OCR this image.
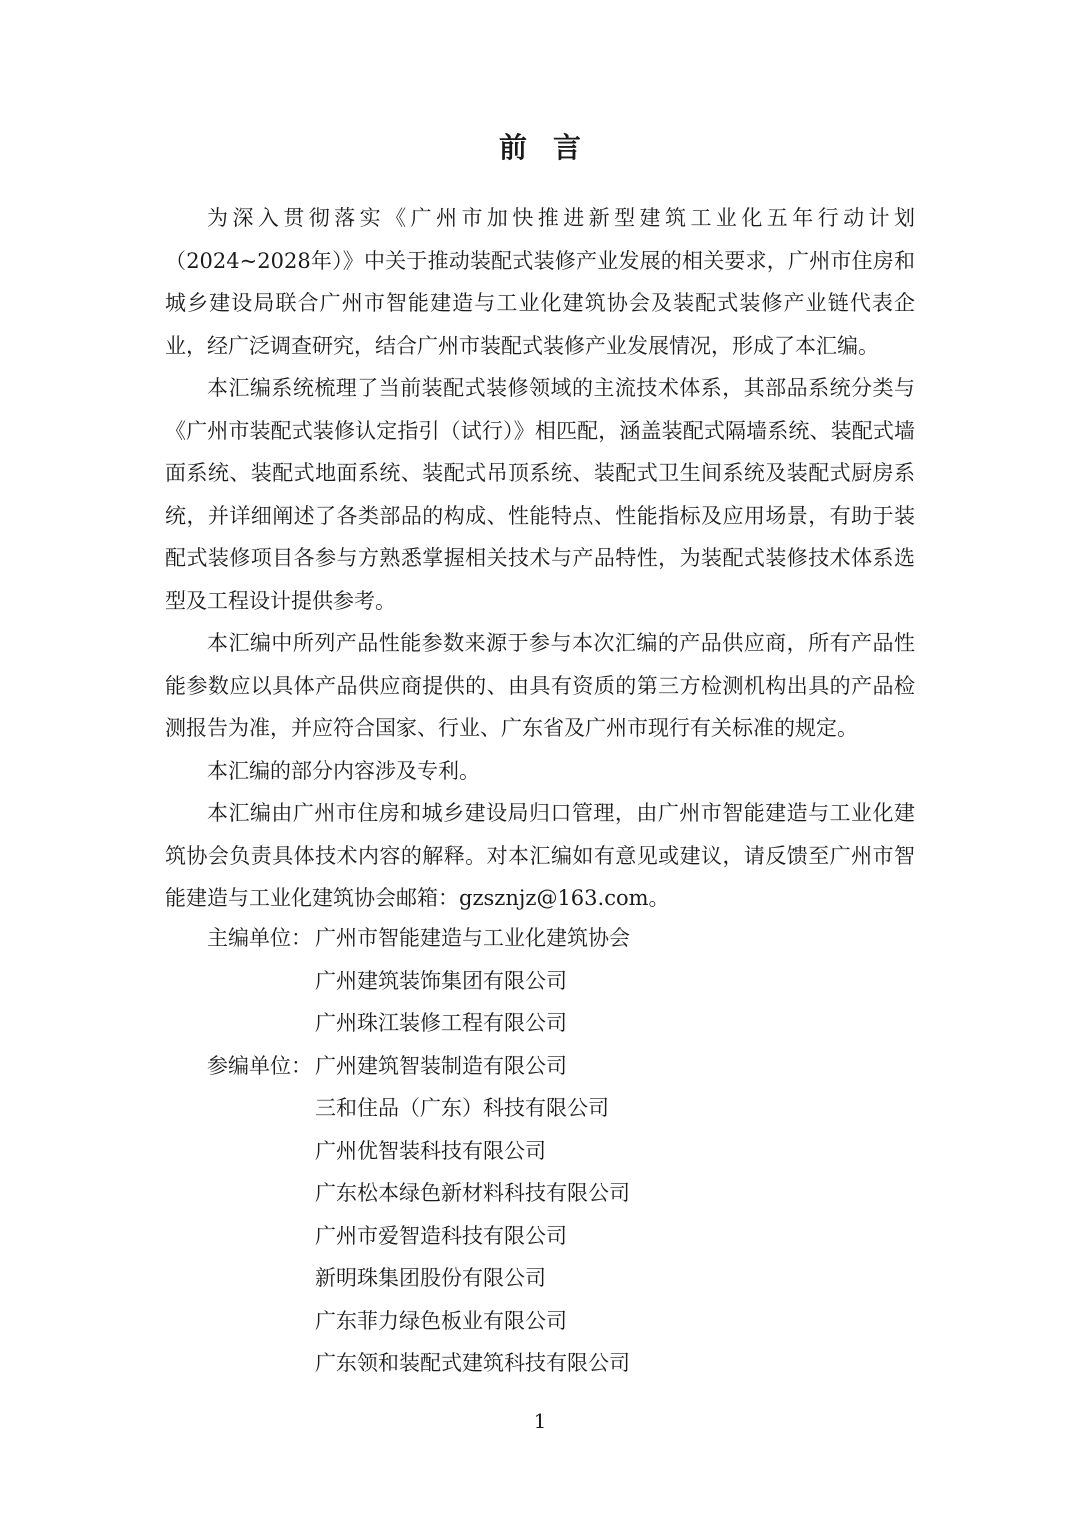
前 言

为深入贯彻落实《广州市加快推进新型建筑工业化五年行动计划（2024~2028年）》中关于推动装配式装修产业发展的相关要求，广州市住房和城乡建设局联合广州市智能建造与工业化建筑协会及装配式装修产业链代表企业，经广泛调查研究，结合广州市装配式装修产业发展情况，形成了本汇编。

本汇编系统梳理了当前装配式装修领域的主流技术体系，其部品系统分类与《广州市装配式装修认定指引（试行）》相匹配，涵盖装配式隔墙系统、装配式墙面系统、装配式地面系统、装配式吊顶系统、装配式卫生间系统及装配式厨房系统，并详细阐述了各类部品的构成、性能特点、性能指标及应用场景，有助于装配式装修项目各参与方熟悉掌握相关技术与产品特性，为装配式装修技术体系选型及工程设计提供参考。

本汇编中所列产品性能参数来源于参与本次汇编的产品供应商，所有产品性能参数应以具体产品供应商提供的、由具有资质的第三方检测机构出具的产品检测报告为准，并应符合国家、行业、广东省及广州市现行有关标准的规定。

本汇编的部分内容涉及专利。

本汇编由广州市住房和城乡建设局归口管理，由广州市智能建造与工业化建筑协会负责具体技术内容的解释。对本汇编如有意见或建议，请反馈至广州市智能建造与工业化建筑协会邮箱：gzsznjz@163.com。

主编单位： 广州市智能建造与工业化建筑协会
广州建筑装饰集团有限公司
广州珠江装修工程有限公司
参编单位： 广州建筑智装制造有限公司
三和住品（广东）科技有限公司
广州优智装科技有限公司
广东松本绿色新材料科技有限公司
广州市爱智造科技有限公司
新明珠集团股份有限公司
广东菲力绿色板业有限公司
广东领和装配式建筑科技有限公司
1
